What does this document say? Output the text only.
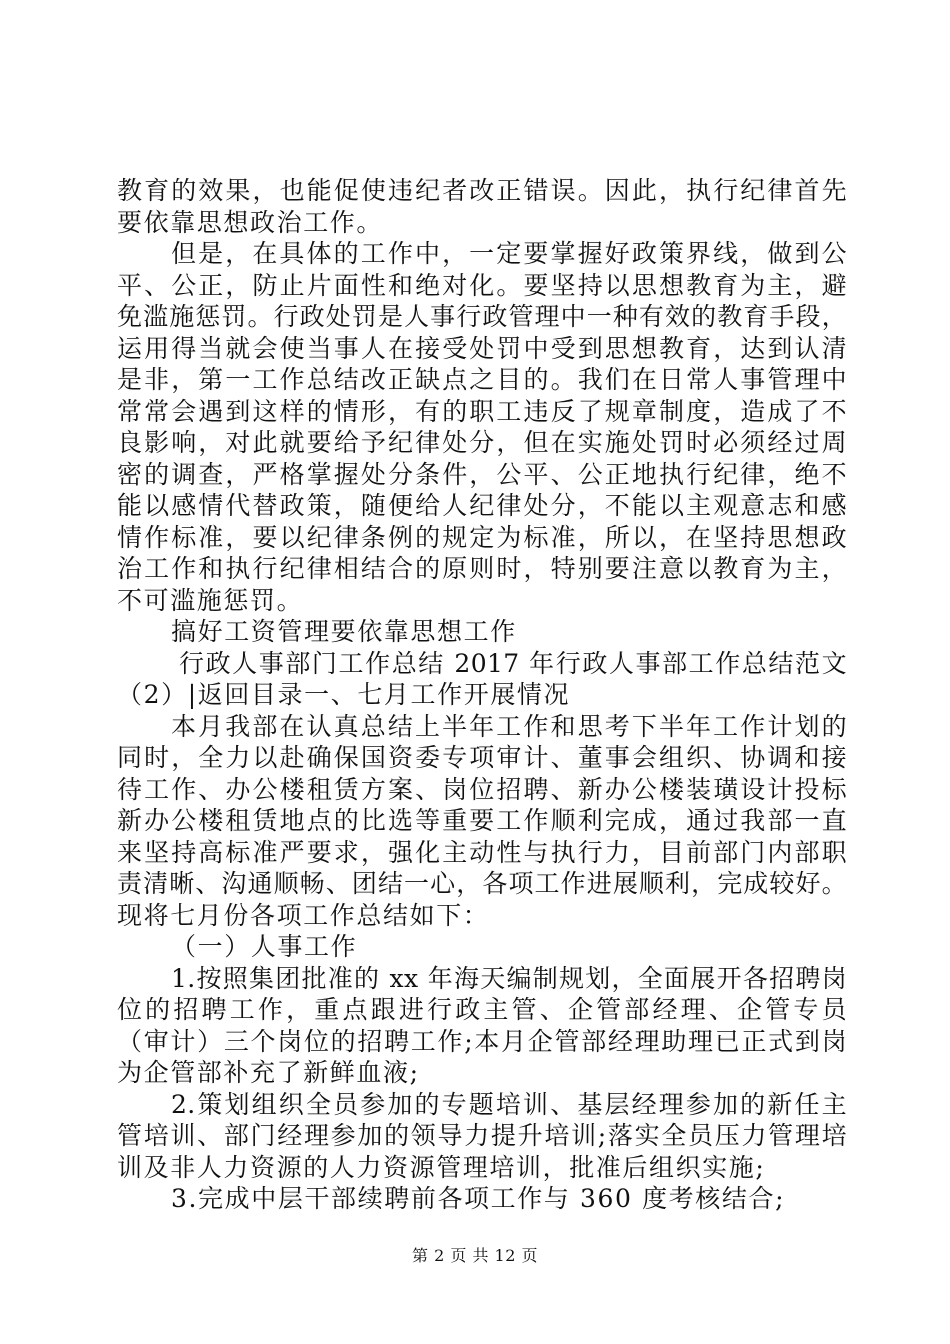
教育的效果，也能促使违纪者改正错误。因此，执行纪律首先

要依靠思想政治工作。

但是，在具体的工作中，一定要掌握好政策界线，做到公

平、公正，防止片面性和绝对化。要坚持以思想教育为主，避

免滥施惩罚。行政处罚是人事行政管理中一种有效的教育手段，

运用得当就会使当事人在接受处罚中受到思想教育，达到认清

是非，第一工作总结改正缺点之目的。我们在日常人事管理中

常常会遇到这样的情形，有的职工违反了规章制度，造成了不

良影响，对此就要给予纪律处分，但在实施处罚时必须经过周

密的调查，严格掌握处分条件，公平、公正地执行纪律，绝不

能以感情代替政策，随便给人纪律处分，不能以主观意志和感

情作标准，要以纪律条例的规定为标准，所以，在坚持思想政

治工作和执行纪律相结合的原则时，特别要注意以教育为主，

不可滥施惩罚。

搞好工资管理要依靠思想工作

行政人事部门工作总结 2017 年行政人事部工作总结范文

（2）|返回目录一、七月工作开展情况

本月我部在认真总结上半年工作和思考下半年工作计划的

同时，全力以赴确保国资委专项审计、董事会组织、协调和接

待工作、办公楼租赁方案、岗位招聘、新办公楼装璜设计投标

新办公楼租赁地点的比选等重要工作顺利完成，通过我部一直

来坚持高标准严要求，强化主动性与执行力，目前部门内部职

责清晰、沟通顺畅、团结一心，各项工作进展顺利，完成较好。

现将七月份各项工作总结如下：

（一）人事工作

1.按照集团批准的 xx 年海天编制规划，全面展开各招聘岗

位的招聘工作，重点跟进行政主管、企管部经理、企管专员

（审计）三个岗位的招聘工作;本月企管部经理助理已正式到岗

为企管部补充了新鲜血液;

2.策划组织全员参加的专题培训、基层经理参加的新任主

管培训、部门经理参加的领导力提升培训;落实全员压力管理培

训及非人力资源的人力资源管理培训，批准后组织实施;

3.完成中层干部续聘前各项工作与 360 度考核结合;

第 2 页 共 12 页
